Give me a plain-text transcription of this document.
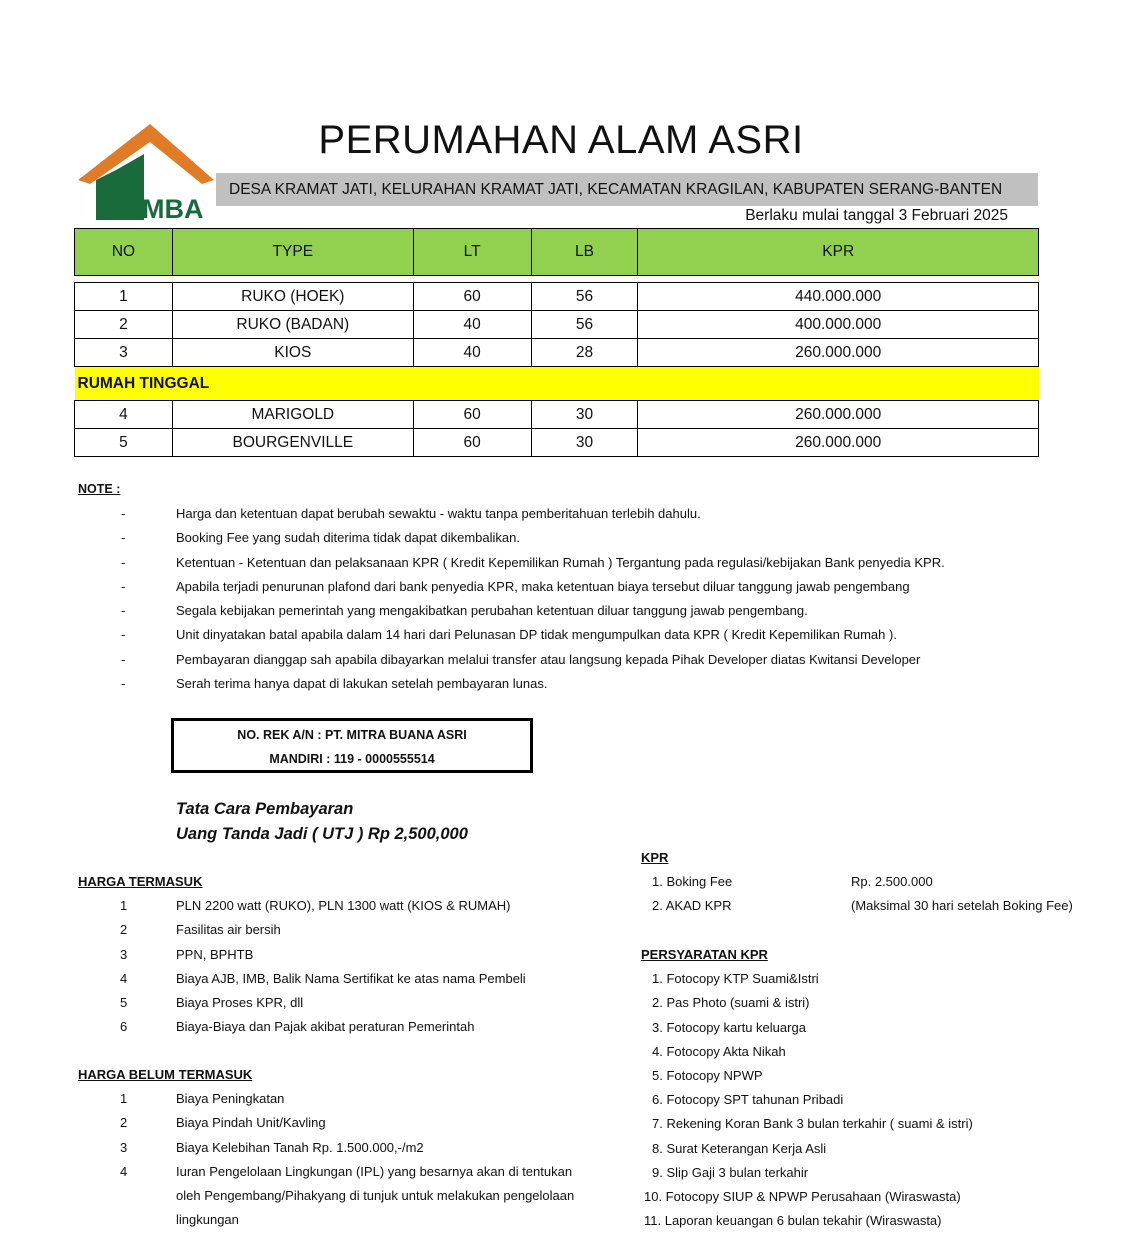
MBA
PERUMAHAN ALAM ASRI
DESA KRAMAT JATI, KELURAHAN KRAMAT JATI, KECAMATAN KRAGILAN, KABUPATEN SERANG-BANTEN
Berlaku mulai tanggal 3 Februari 2025
NO	TYPE	LT	LB	KPR

1	RUKO (HOEK)	60	56	440.000.000
2	RUKO (BADAN)	40	56	400.000.000
3	KIOS	40	28	260.000.000
RUMAH TINGGAL				
4	MARIGOLD	60	30	260.000.000
5	BOURGENVILLE	60	30	260.000.000
NOTE :
-	Harga dan ketentuan dapat berubah sewaktu - waktu tanpa pemberitahuan terlebih dahulu.
-	Booking Fee yang sudah diterima tidak dapat dikembalikan.
-	Ketentuan - Ketentuan dan pelaksanaan KPR ( Kredit Kepemilikan Rumah ) Tergantung pada regulasi/kebijakan Bank penyedia KPR.
-	Apabila terjadi penurunan plafond dari bank penyedia KPR, maka ketentuan biaya tersebut diluar tanggung jawab pengembang
-	Segala kebijakan pemerintah yang mengakibatkan perubahan ketentuan diluar tanggung jawab pengembang.
-	Unit dinyatakan batal apabila dalam 14 hari dari Pelunasan DP tidak mengumpulkan data KPR ( Kredit Kepemilikan Rumah ).
-	Pembayaran dianggap sah apabila dibayarkan melalui transfer atau langsung kepada Pihak Developer diatas Kwitansi Developer
-	Serah terima hanya dapat di lakukan setelah pembayaran lunas.
NO. REK A/N : PT. MITRA BUANA ASRI
MANDIRI : 119 - 0000555514
Tata Cara Pembayaran
Uang Tanda Jadi ( UTJ ) Rp 2,500,000
HARGA TERMASUK
1	PLN 2200 watt (RUKO), PLN 1300 watt (KIOS & RUMAH)
2	Fasilitas air bersih
3	PPN, BPHTB
4	Biaya AJB, IMB, Balik Nama Sertifikat ke atas nama Pembeli
5	Biaya Proses KPR, dll
6	Biaya-Biaya dan Pajak akibat peraturan Pemerintah
HARGA BELUM TERMASUK
1	Biaya Peningkatan
2	Biaya Pindah Unit/Kavling
3	Biaya Kelebihan Tanah Rp. 1.500.000,-/m2
4	Iuran Pengelolaan Lingkungan (IPL) yang besarnya akan di tentukan
oleh Pengembang/Pihakyang di tunjuk untuk melakukan pengelolaan
lingkungan
KPR
1. Boking Fee	Rp. 2.500.000
2. AKAD KPR	(Maksimal 30 hari setelah Boking Fee)
PERSYARATAN KPR
1. Fotocopy KTP Suami&Istri
2. Pas Photo (suami & istri)
3. Fotocopy kartu keluarga
4. Fotocopy Akta Nikah
5. Fotocopy NPWP
6. Fotocopy SPT tahunan Pribadi
7. Rekening Koran Bank 3 bulan terkahir ( suami & istri)
8. Surat Keterangan Kerja Asli
9. Slip Gaji 3 bulan terkahir
10. Fotocopy SIUP & NPWP Perusahaan (Wiraswasta)
11. Laporan keuangan 6 bulan tekahir (Wiraswasta)
